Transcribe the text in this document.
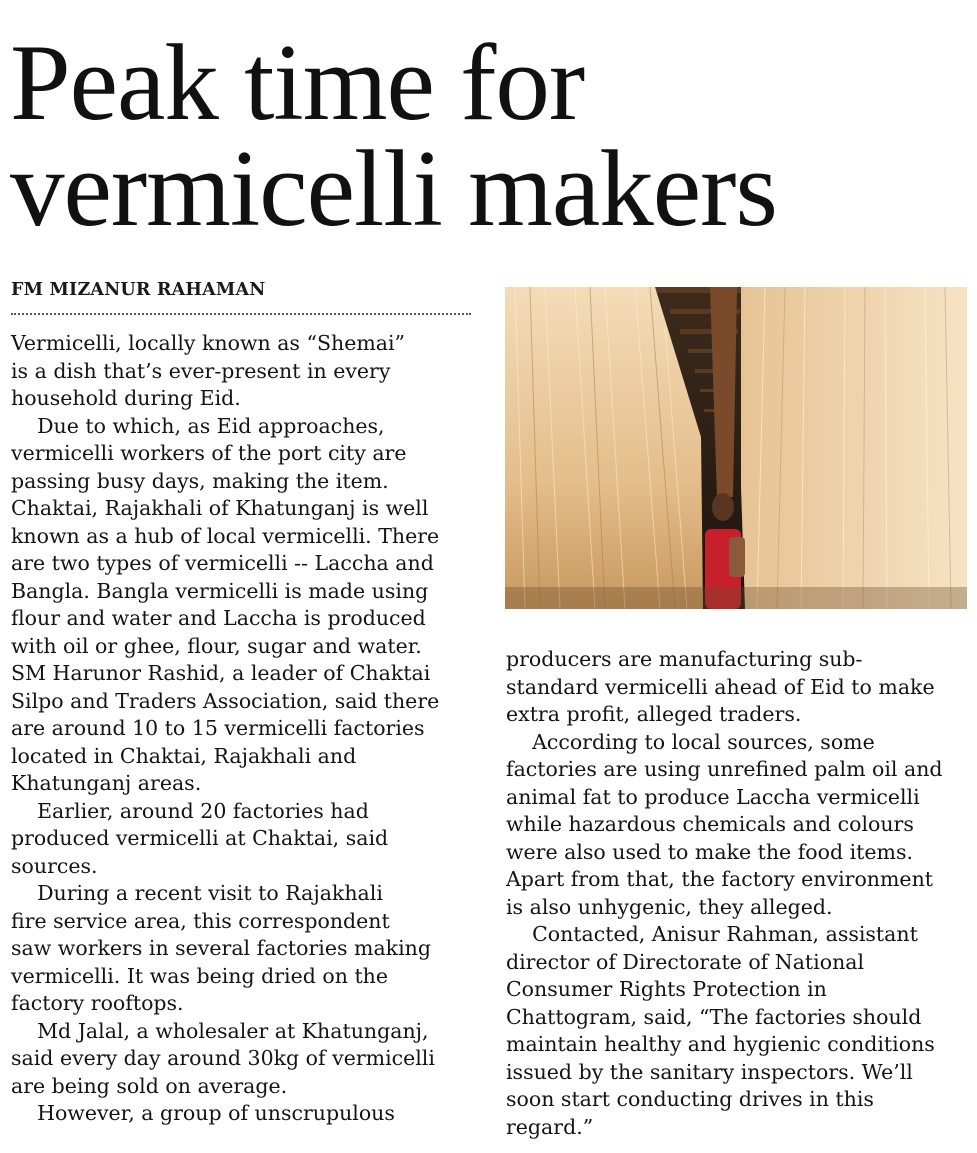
Peak time for
vermicelli makers
FM MIZANUR RAHAMAN

Vermicelli, locally known as “Shemai”
is a dish that’s ever-present in every
household during Eid.

Due to which, as Eid approaches,
vermicelli workers of the port city are
passing busy days, making the item.
Chaktai, Rajakhali of Khatunganj is well
known as a hub of local vermicelli. There
are two types of vermicelli -- Laccha and
Bangla. Bangla vermicelli is made using
flour and water and Laccha is produced
with oil or ghee, flour, sugar and water.
SM Harunor Rashid, a leader of Chaktai
Silpo and Traders Association, said there
are around 10 to 15 vermicelli factories
located in Chaktai, Rajakhali and
Khatunganj areas.

Earlier, around 20 factories had
produced vermicelli at Chaktai, said
sources.

During a recent visit to Rajakhali
fire service area, this correspondent
saw workers in several factories making
vermicelli. It was being dried on the
factory rooftops.

Md Jalal, a wholesaler at Khatunganj,
said every day around 30kg of vermicelli
are being sold on average.

However, a group of unscrupulous

producers are manufacturing sub-
standard vermicelli ahead of Eid to make
extra profit, alleged traders.

According to local sources, some
factories are using unrefined palm oil and
animal fat to produce Laccha vermicelli
while hazardous chemicals and colours
were also used to make the food items.
Apart from that, the factory environment
is also unhygenic, they alleged.

Contacted, Anisur Rahman, assistant
director of Directorate of National
Consumer Rights Protection in
Chattogram, said, “The factories should
maintain healthy and hygienic conditions
issued by the sanitary inspectors. We’ll
soon start conducting drives in this
regard.”
